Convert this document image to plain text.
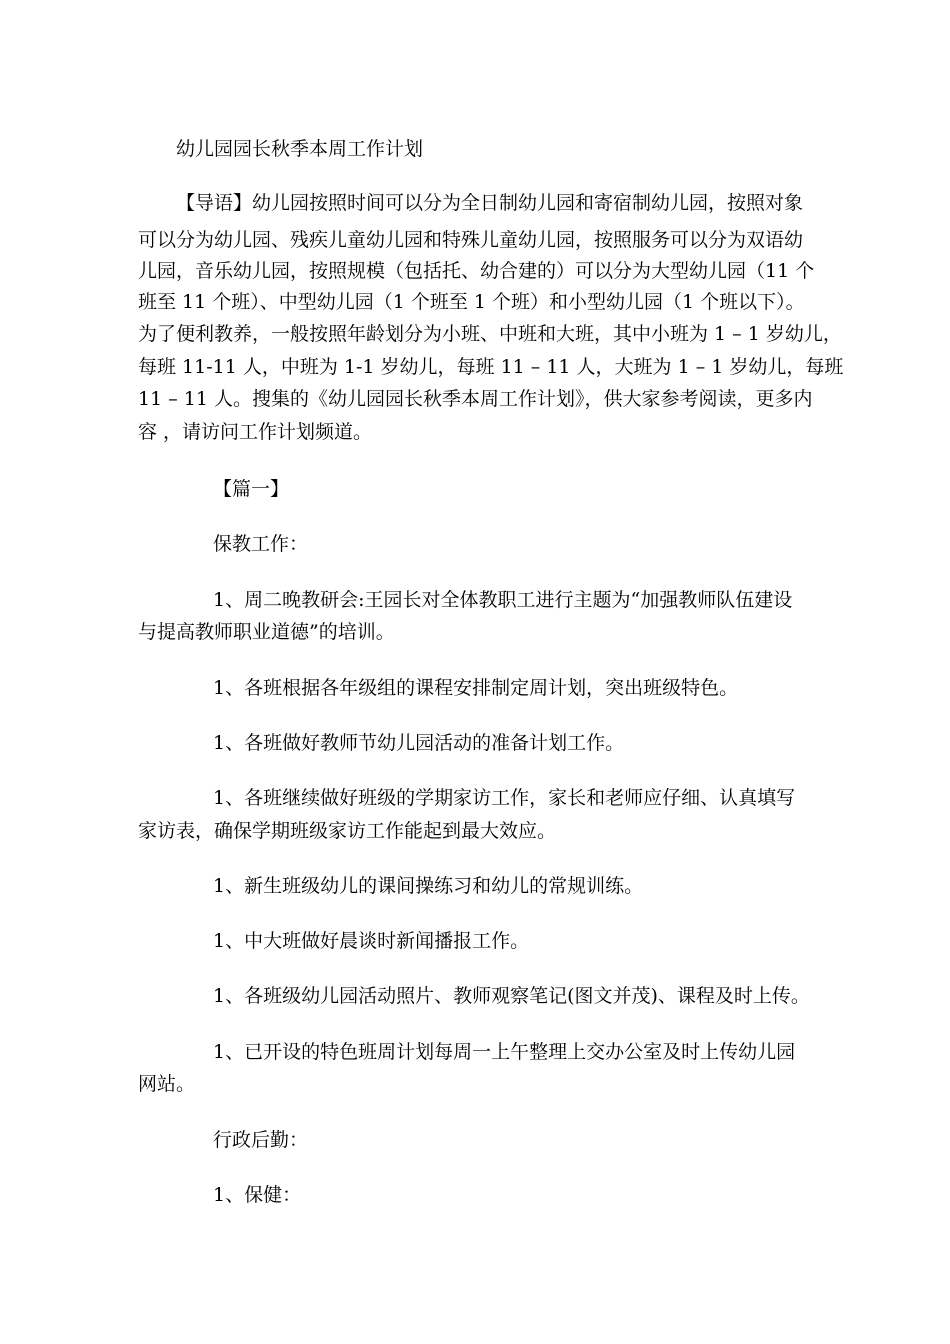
幼儿园园长秋季本周工作计划

【导语】幼儿园按照时间可以分为全日制幼儿园和寄宿制幼儿园，按照对象

可以分为幼儿园、残疾儿童幼儿园和特殊儿童幼儿园，按照服务可以分为双语幼

儿园，音乐幼儿园，按照规模（包括托、幼合建的）可以分为大型幼儿园（11 个

班至 11 个班）、中型幼儿园（1 个班至 1 个班）和小型幼儿园（1 个班以下）。

为了便利教养，一般按照年龄划分为小班、中班和大班，其中小班为 1 – 1 岁幼儿，

每班 11-11 人，中班为 1-1 岁幼儿，每班 11 – 11 人，大班为 1 – 1 岁幼儿，每班

11 – 11 人。搜集的《幼儿园园长秋季本周工作计划》，供大家参考阅读，更多内

容 ，请访问工作计划频道。

【篇一】

保教工作：

1、周二晚教研会:王园长对全体教职工进行主题为“加强教师队伍建设

与提高教师职业道德”的培训。

1、各班根据各年级组的课程安排制定周计划，突出班级特色。

1、各班做好教师节幼儿园活动的准备计划工作。

1、各班继续做好班级的学期家访工作，家长和老师应仔细、认真填写

家访表，确保学期班级家访工作能起到最大效应。

1、新生班级幼儿的课间操练习和幼儿的常规训练。

1、中大班做好晨谈时新闻播报工作。

1、各班级幼儿园活动照片、教师观察笔记(图文并茂)、课程及时上传。

1、已开设的特色班周计划每周一上午整理上交办公室及时上传幼儿园

网站。

行政后勤：

1、保健：
